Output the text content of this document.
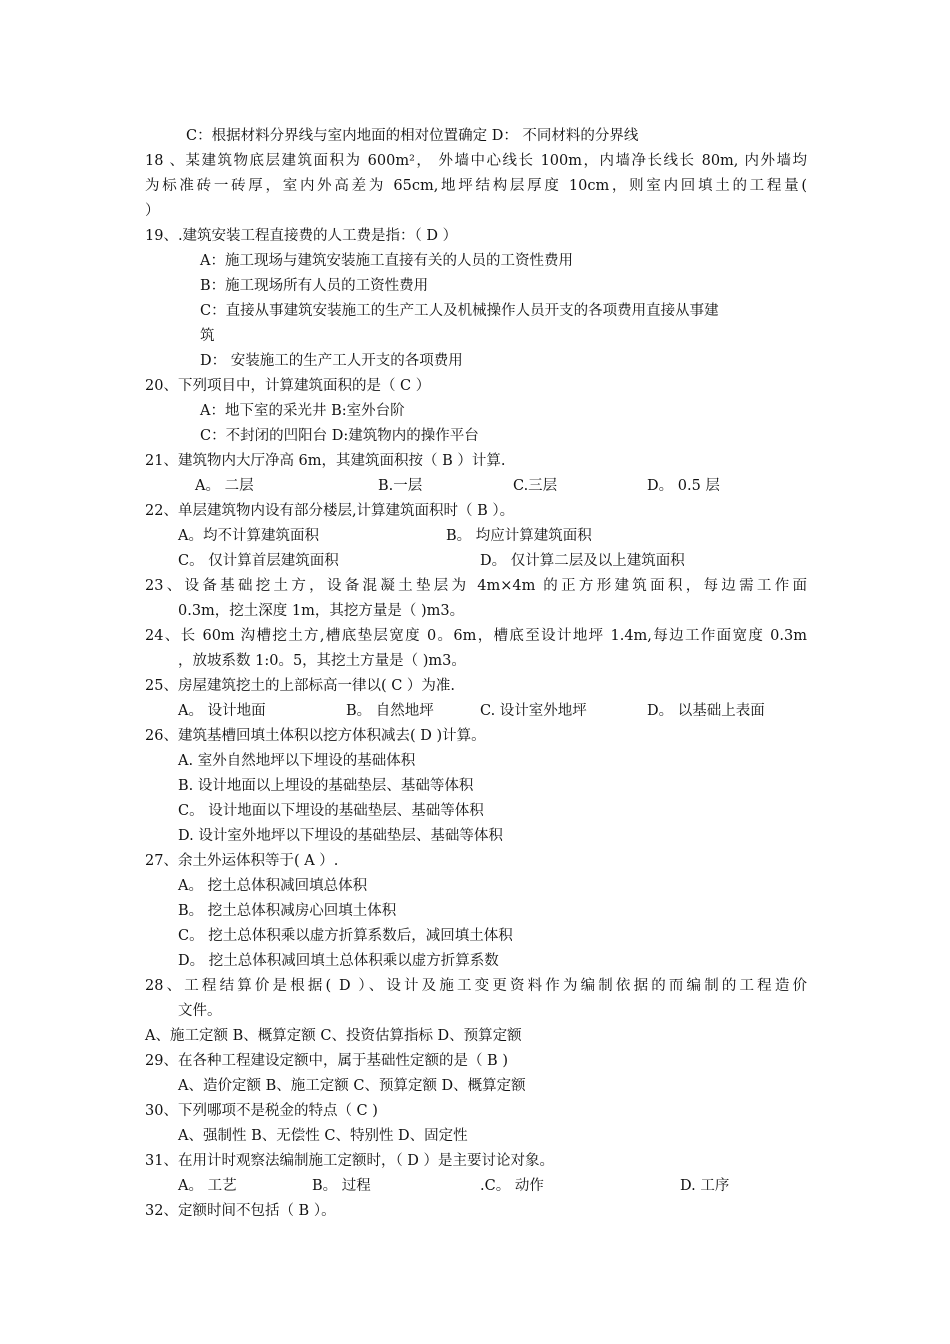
C：根据材料分界线与室内地面的相对位置确定 D： 不同材料的分界线
18 、某建筑物底层建筑面积为 600m²， 外墙中心线长 100m，内墙净长线长 80m, 内外墙均
为标准砖一砖厚，室内外高差为 65cm,地坪结构层厚度 10cm，则室内回填土的工程量(
）
19、.建筑安装工程直接费的人工费是指：（ D ）
A：施工现场与建筑安装施工直接有关的人员的工资性费用
B：施工现场所有人员的工资性费用
C：直接从事建筑安装施工的生产工人及机械操作人员开支的各项费用直接从事建
筑
D： 安装施工的生产工人开支的各项费用
20、下列项目中，计算建筑面积的是（ C ）
A：地下室的采光井 B:室外台阶
C：不封闭的凹阳台 D:建筑物内的操作平台
21、建筑物内大厅净高 6m，其建筑面积按（ B ）计算.
A。 二层	B.一层	C.三层	D。 0.5 层
22、单层建筑物内设有部分楼层,计算建筑面积时（ B ）。
A。均不计算建筑面积	B。 均应计算建筑面积
C。 仅计算首层建筑面积	D。 仅计算二层及以上建筑面积
23、设备基础挖土方，设备混凝土垫层为 4m×4m 的正方形建筑面积，每边需工作面
0.3m，挖土深度 1m，其挖方量是（ )m3。
24、长 60m 沟槽挖土方,槽底垫层宽度 0。6m，槽底至设计地坪 1.4m,每边工作面宽度 0.3m
，放坡系数 1:0。5，其挖土方量是（ )m3。
25、房屋建筑挖土的上部标高一律以( C ）为准.
A。 设计地面	B。 自然地坪	C. 设计室外地坪	D。 以基础上表面
26、建筑基槽回填土体积以挖方体积减去( D )计算。
A. 室外自然地坪以下埋设的基础体积
B. 设计地面以上埋设的基础垫层、基础等体积
C。 设计地面以下埋设的基础垫层、基础等体积
D. 设计室外地坪以下埋设的基础垫层、基础等体积
27、余土外运体积等于( A ）.
A。 挖土总体积减回填总体积
B。 挖土总体积减房心回填土体积
C。 挖土总体积乘以虚方折算系数后，减回填土体积
D。 挖土总体积减回填土总体积乘以虚方折算系数
28、工程结算价是根据( D ）、设计及施工变更资料作为编制依据的而编制的工程造价
文件。
A、施工定额 B、概算定额 C、投资估算指标 D、预算定额
29、在各种工程建设定额中，属于基础性定额的是（ B )
A、造价定额 B、施工定额 C、预算定额 D、概算定额
30、下列哪项不是税金的特点（ C )
A、强制性 B、无偿性 C、特别性 D、固定性
31、在用计时观察法编制施工定额时，（ D ）是主要讨论对象。
A。 工艺	B。 过程	.C。 动作	D. 工序
32、定额时间不包括（ B ）。
